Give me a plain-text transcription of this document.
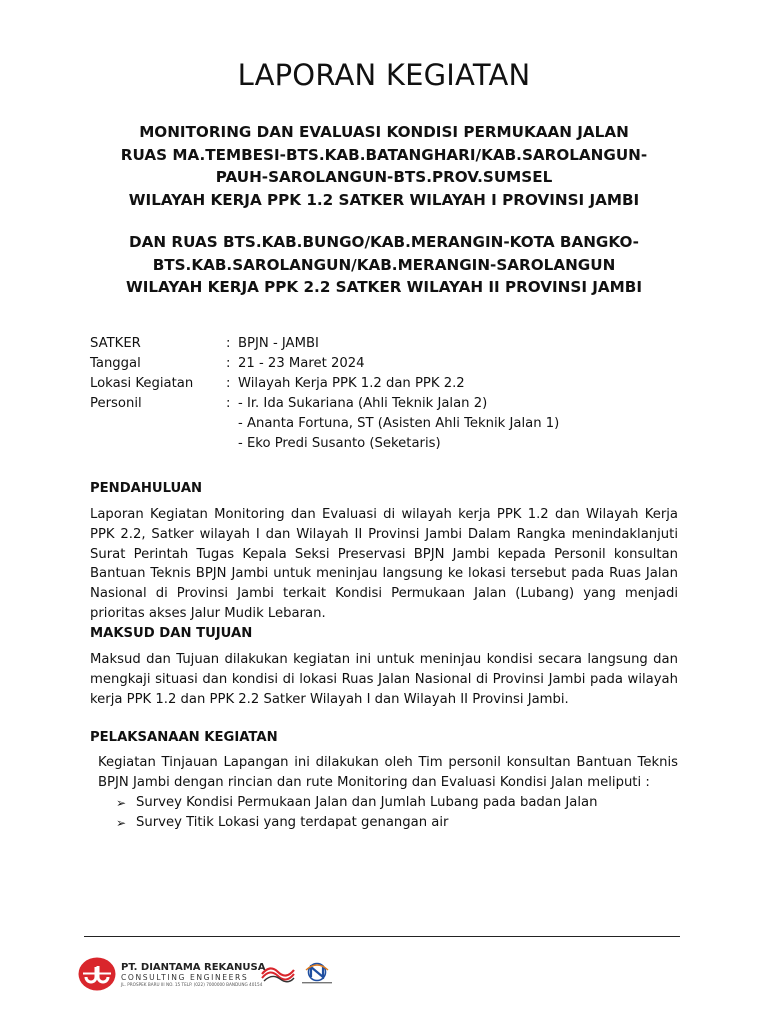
LAPORAN KEGIATAN
MONITORING DAN EVALUASI KONDISI PERMUKAAN JALAN
RUAS MA.TEMBESI-BTS.KAB.BATANGHARI/KAB.SAROLANGUN-
PAUH-SAROLANGUN-BTS.PROV.SUMSEL
WILAYAH KERJA PPK 1.2 SATKER WILAYAH I PROVINSI JAMBI
DAN RUAS BTS.KAB.BUNGO/KAB.MERANGIN-KOTA BANGKO-
BTS.KAB.SAROLANGUN/KAB.MERANGIN-SAROLANGUN
WILAYAH KERJA PPK 2.2 SATKER WILAYAH II PROVINSI JAMBI
SATKER	: BPJN - JAMBI
Tanggal	: 21 - 23 Maret 2024
Lokasi Kegiatan	: Wilayah Kerja PPK 1.2 dan PPK 2.2
Personil	: - Ir. Ida Sukariana (Ahli Teknik Jalan 2)
- Ananta Fortuna, ST (Asisten Ahli Teknik Jalan 1)
- Eko Predi Susanto (Seketaris)
PENDAHULUAN

Laporan Kegiatan Monitoring dan Evaluasi di wilayah kerja PPK 1.2 dan Wilayah Kerja PPK 2.2, Satker wilayah I dan Wilayah II Provinsi Jambi Dalam Rangka menindaklanjuti Surat Perintah Tugas Kepala Seksi Preservasi BPJN Jambi kepada Personil konsultan Bantuan Teknis BPJN Jambi untuk meninjau langsung ke lokasi tersebut pada Ruas Jalan Nasional di Provinsi Jambi terkait Kondisi Permukaan Jalan (Lubang) yang menjadi prioritas akses Jalur Mudik Lebaran.

MAKSUD DAN TUJUAN

Maksud dan Tujuan dilakukan kegiatan ini untuk meninjau kondisi secara langsung dan mengkaji situasi dan kondisi di lokasi Ruas Jalan Nasional di Provinsi Jambi pada wilayah kerja PPK 1.2 dan PPK 2.2 Satker Wilayah I dan Wilayah II Provinsi Jambi.

PELAKSANAAN KEGIATAN

Kegiatan Tinjauan Lapangan ini dilakukan oleh Tim personil konsultan Bantuan Teknis BPJN Jambi dengan rincian dan rute Monitoring dan Evaluasi Kondisi Jalan meliputi :

➢ Survey Kondisi Permukaan Jalan dan Jumlah Lubang pada badan Jalan
➢ Survey Titik Lokasi yang terdapat genangan air
PT. DIANTAMA REKANUSA
CONSULTING ENGINEERS
JL. PROSPEK BARU III NO. 15 TELP. (022) 7000000 BANDUNG 40154
